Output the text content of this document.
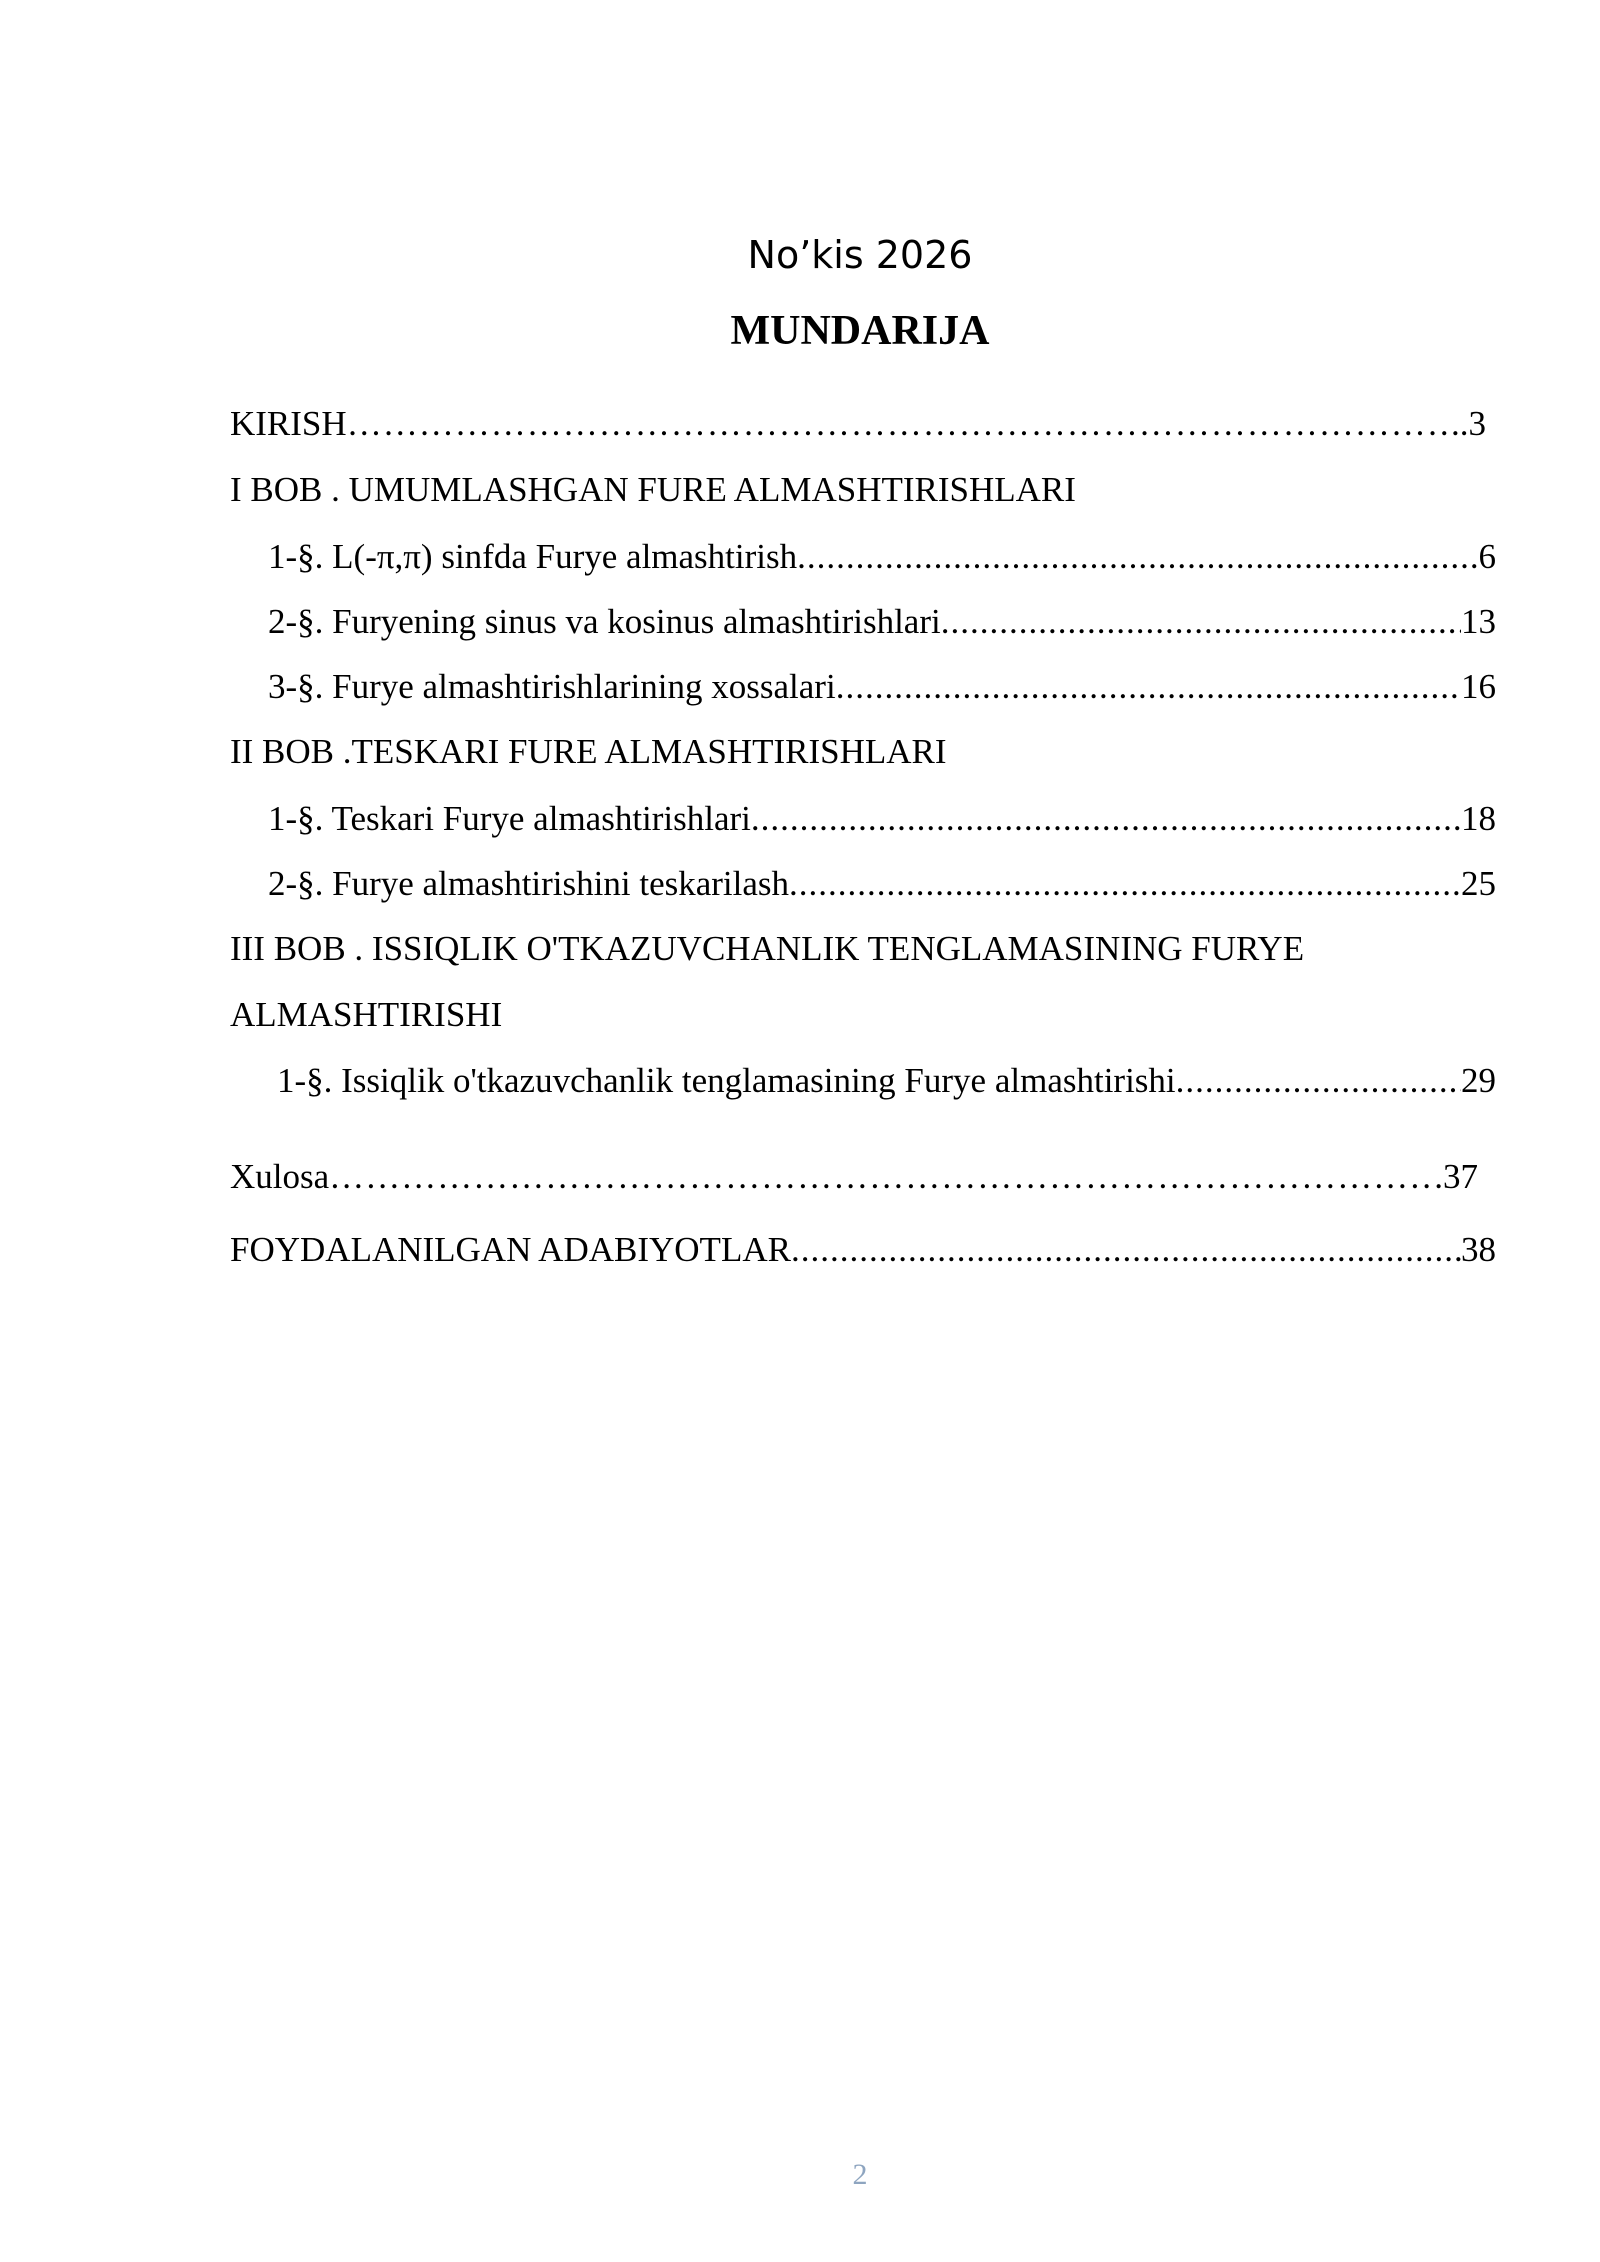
No’kis 2026
MUNDARIJA
KIRISH ………………………………………………………………………………………………………………………………………	..3
I BOB . UMUMLASHGAN FURE ALMASHTIRISHLARI
1-§. L(-π,π) sinfda Furye almashtirish .....	6
2-§. Furyening sinus va kosinus almashtirishlari .....	13
3-§. Furye almashtirishlarining xossalari .....	16
II BOB .TESKARI FURE ALMASHTIRISHLARI
1-§. Teskari Furye almashtirishlari .....	18
2-§. Furye almashtirishini teskarilash .....	25
III BOB . ISSIQLIK O'TKAZUVCHANLIK TENGLAMASINING FURYE
ALMASHTIRISHI
1-§. Issiqlik o'tkazuvchanlik tenglamasining Furye almashtirishi .....	29
Xulosa ………………………………………………………………………………………………………………………………………	.37
FOYDALANILGAN ADABIYOTLAR .....	38
2
